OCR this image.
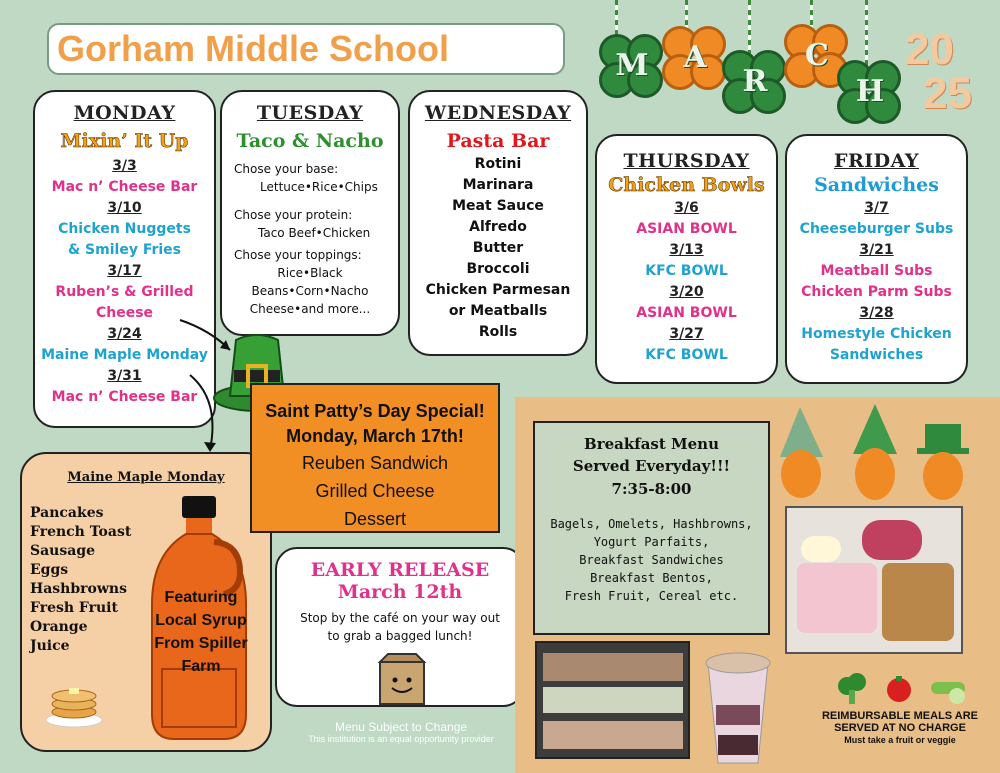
Gorham Middle School	M	A
R
C
H
20
25
MONDAY
Mixin’ It Up
3/3
Mac n’ Cheese Bar
3/10
Chicken Nuggets
& Smiley Fries
3/17
Ruben’s & Grilled
Cheese
3/24
Maine Maple Monday
3/31
Mac n’ Cheese Bar
TUESDAY
Taco & Nacho
Chose your base:
Lettuce•Rice•Chips
Chose your protein:
Taco Beef•Chicken
Chose your toppings:
Rice•Black
Beans•Corn•Nacho
Cheese•and more...
WEDNESDAY
Pasta Bar
Rotini
Marinara
Meat Sauce
Alfredo
Butter
Broccoli
Chicken Parmesan
or Meatballs
Rolls
THURSDAY
Chicken Bowls
3/6
ASIAN BOWL
3/13
KFC BOWL
3/20
ASIAN BOWL
3/27
KFC BOWL
FRIDAY
Sandwiches
3/7
Cheeseburger Subs
3/21
Meatball Subs
Chicken Parm Subs
3/28
Homestyle Chicken
Sandwiches
Maine Maple Monday
Pancakes
French Toast
Sausage
Eggs
Hashbrowns
Fresh Fruit
Orange
Juice
Featuring
Local Syrup
From Spiller
Farm
Saint Patty’s Day Special!
Monday, March 17th!
Reuben Sandwich
Grilled Cheese
Dessert
EARLY RELEASE
March 12th
Stop by the café on your way out
to grab a bagged lunch!
Menu Subject to Change
This institution is an equal opportunity provider
Breakfast Menu
Served Everyday!!!
7:35-8:00
Bagels, Omelets, Hashbrowns,
Yogurt Parfaits,
Breakfast Sandwiches
Breakfast Bentos,
Fresh Fruit, Cereal etc.
REIMBURSABLE MEALS ARE
SERVED AT NO CHARGE
Must take a fruit or veggie
